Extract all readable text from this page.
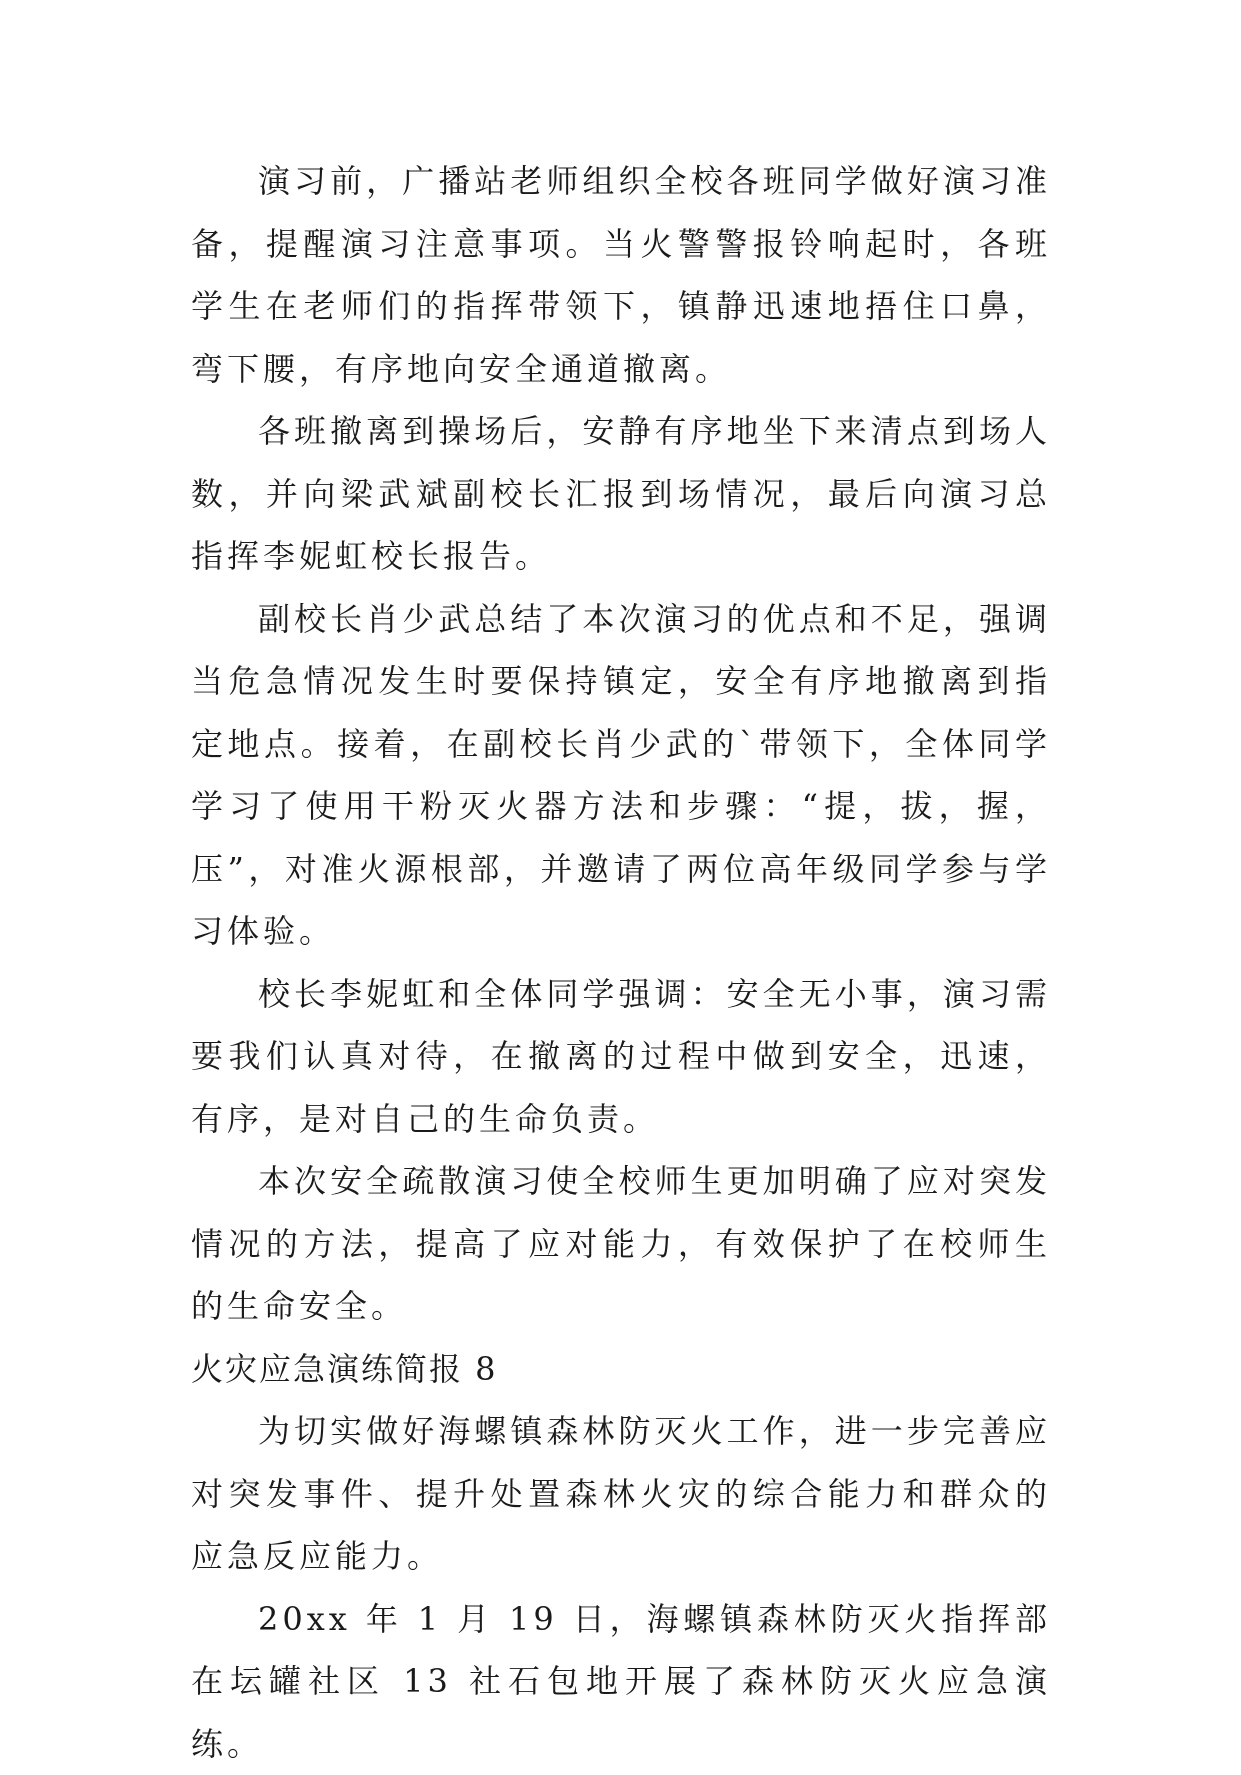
演习前，广播站老师组织全校各班同学做好演习准备，提醒演习注意事项。当火警警报铃响起时，各班学生在老师们的指挥带领下，镇静迅速地捂住口鼻，弯下腰，有序地向安全通道撤离。

各班撤离到操场后，安静有序地坐下来清点到场人数，并向梁武斌副校长汇报到场情况，最后向演习总指挥李妮虹校长报告。

副校长肖少武总结了本次演习的优点和不足，强调当危急情况发生时要保持镇定，安全有序地撤离到指定地点。接着，在副校长肖少武的`带领下，全体同学学习了使用干粉灭火器方法和步骤：“提，拔，握，压”，对准火源根部，并邀请了两位高年级同学参与学习体验。

校长李妮虹和全体同学强调：安全无小事，演习需要我们认真对待，在撤离的过程中做到安全，迅速，有序，是对自己的生命负责。

本次安全疏散演习使全校师生更加明确了应对突发情况的方法，提高了应对能力，有效保护了在校师生的生命安全。

火灾应急演练简报 8

为切实做好海螺镇森林防灭火工作，进一步完善应对突发事件、提升处置森林火灾的综合能力和群众的应急反应能力。

20xx 年 1 月 19 日，海螺镇森林防灭火指挥部在坛罐社区 13 社石包地开展了森林防灭火应急演练。
